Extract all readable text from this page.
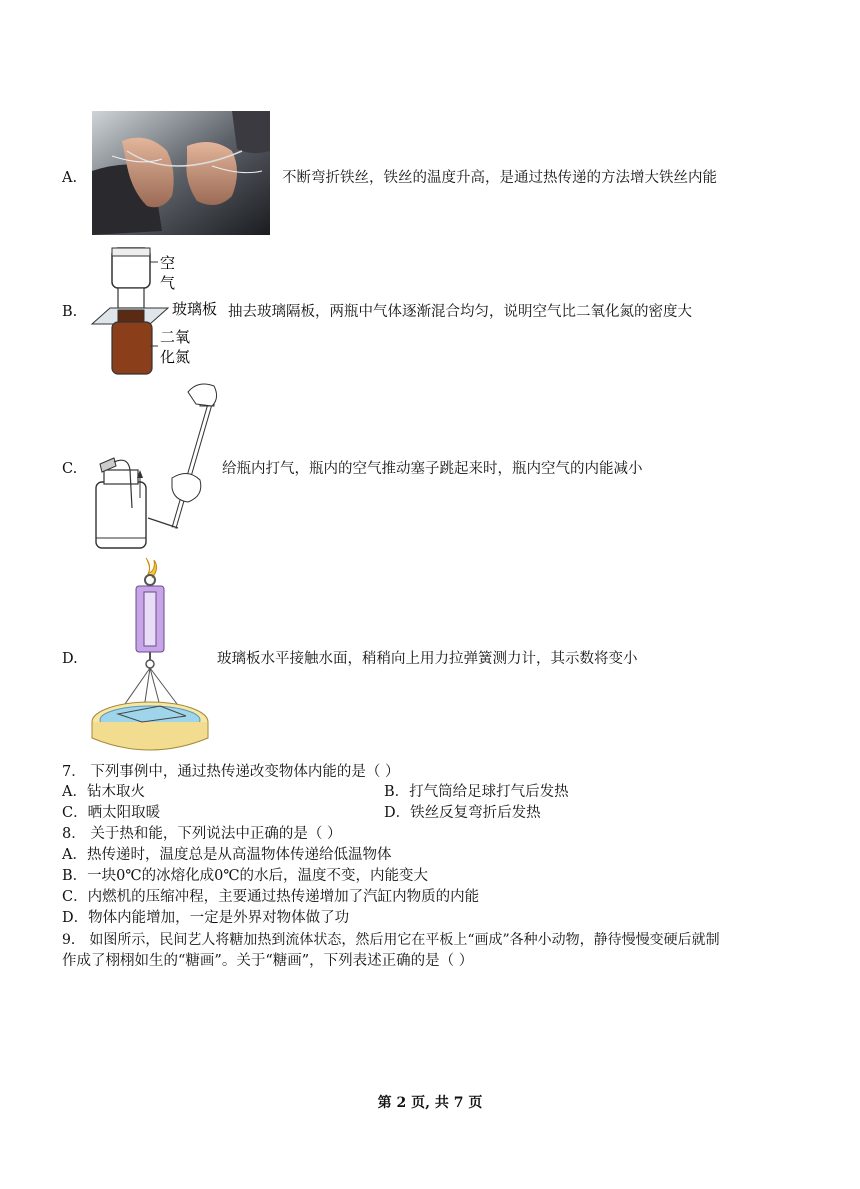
A.	不断弯折铁丝，铁丝的温度升高，是通过热传递的方法增大铁丝内能
B.
空
气
玻璃板
二氧
化氮
抽去玻璃隔板，两瓶中气体逐渐混合均匀，说明空气比二氧化氮的密度大
C.	给瓶内打气，瓶内的空气推动塞子跳起来时，瓶内空气的内能减小
D.	玻璃板水平接触水面，稍稍向上用力拉弹簧测力计，其示数将变小
7． 下列事例中，通过热传递改变物体内能的是（ ）
A．钻木取火	B．打气筒给足球打气后发热
C．晒太阳取暖	D．铁丝反复弯折后发热
8． 关于热和能，下列说法中正确的是（ ）
A．热传递时，温度总是从高温物体传递给低温物体
B．一块0℃的冰熔化成0℃的水后，温度不变，内能变大
C．内燃机的压缩冲程，主要通过热传递增加了汽缸内物质的内能
D．物体内能增加，一定是外界对物体做了功
9． 如图所示，民间艺人将糖加热到流体状态，然后用它在平板上“画成”各种小动物，静待慢慢变硬后就制
作成了栩栩如生的“糖画”。关于“糖画”，下列表述正确的是（ ）
第 2 页, 共 7 页
